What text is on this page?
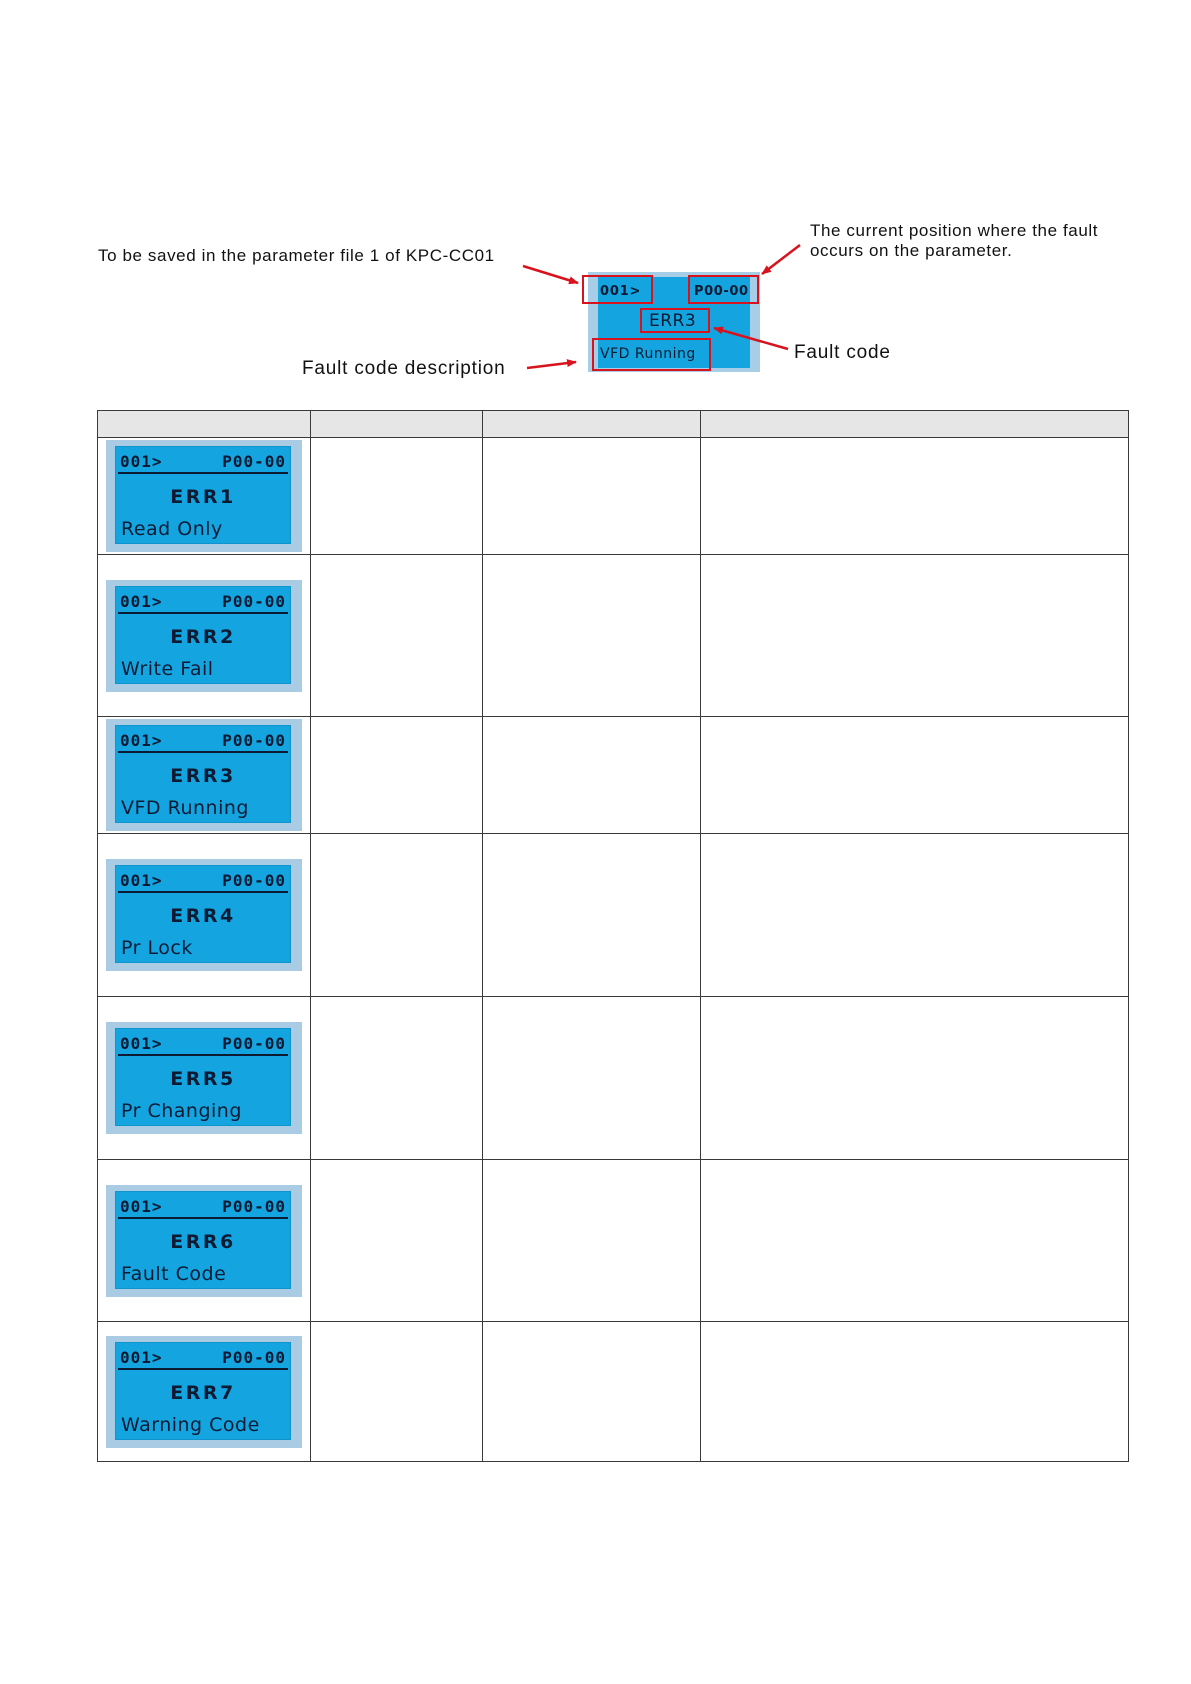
To be saved in the parameter file 1 of KPC-CC01
The current position where the fault
occurs on the parameter.
Fault code
Fault code description
001>	P00-00
ERR3
VFD Running

001> P00-00
ERR1
Read Only			

001> P00-00
ERR2
Write Fail			

001> P00-00
ERR3
VFD Running			

001> P00-00
ERR4
Pr Lock			

001> P00-00
ERR5
Pr Changing			

001> P00-00
ERR6
Fault Code			

001> P00-00
ERR7
Warning Code			
